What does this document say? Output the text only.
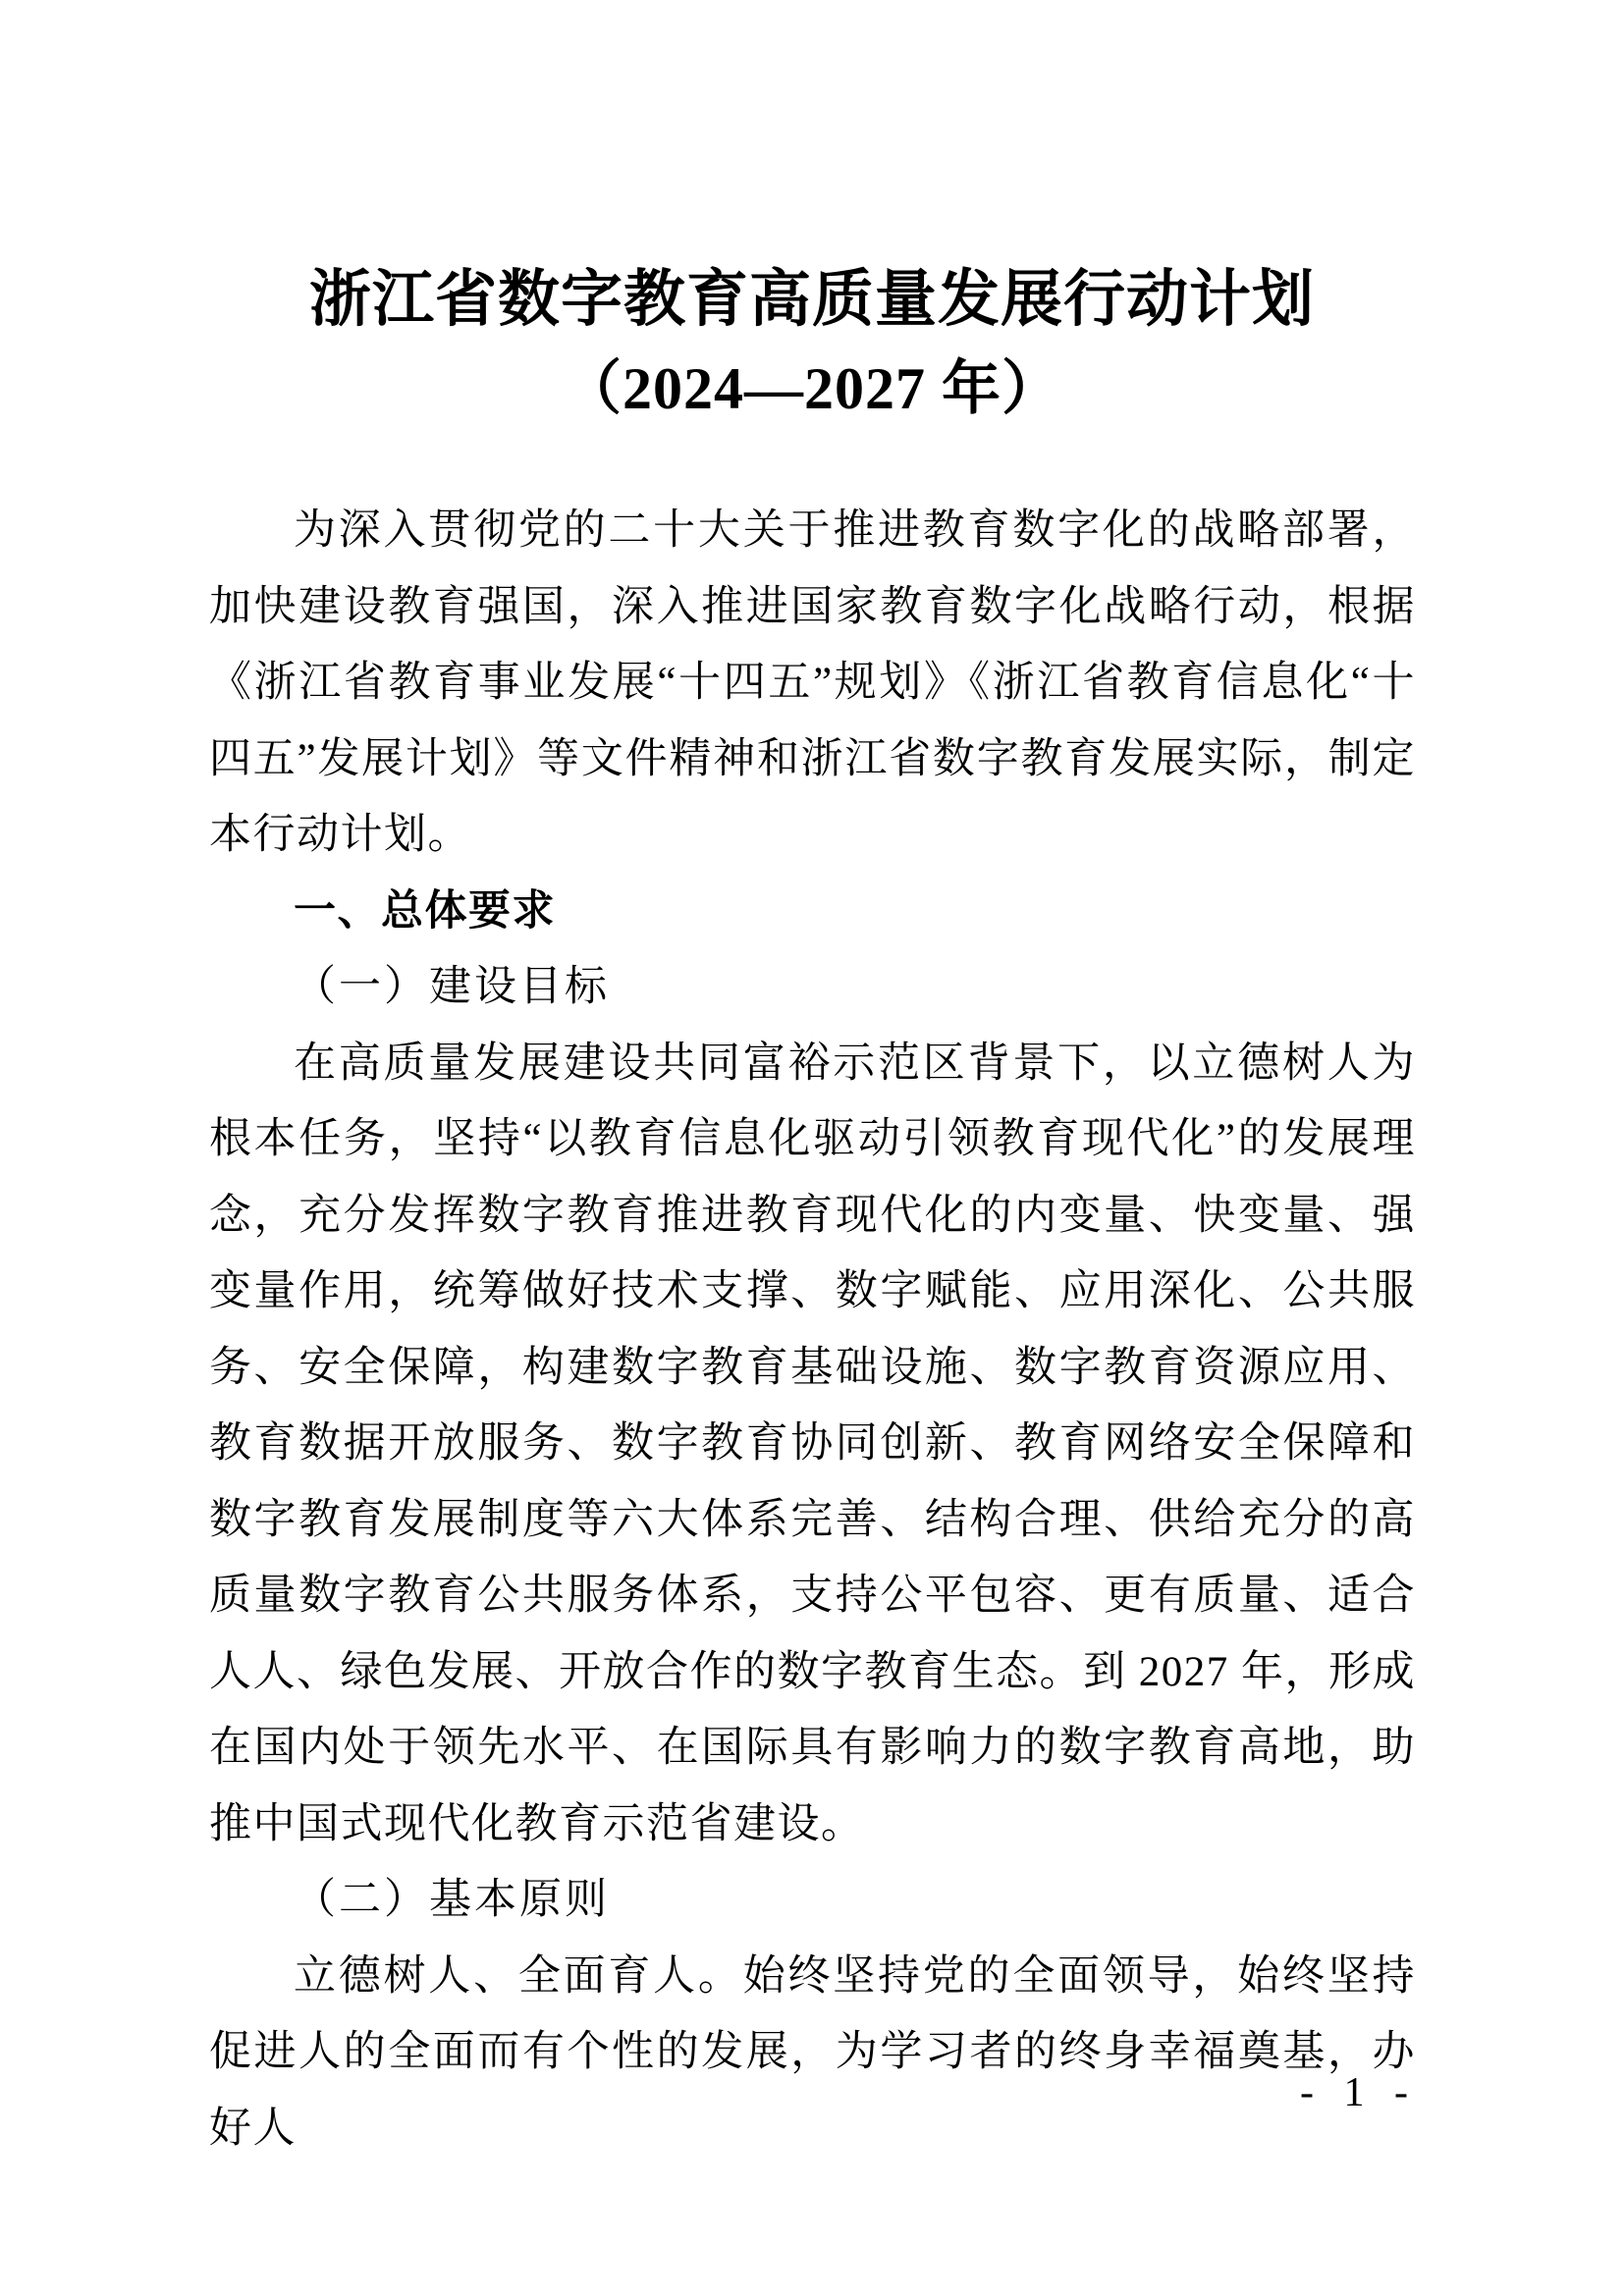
浙江省数字教育高质量发展行动计划
（2024—2027 年）

为深入贯彻党的二十大关于推进教育数字化的战略部署，加快建设教育强国，深入推进国家教育数字化战略行动，根据《浙江省教育事业发展“十四五”规划》《浙江省教育信息化“十四五”发展计划》等文件精神和浙江省数字教育发展实际，制定本行动计划。

一、总体要求

（一）建设目标

在高质量发展建设共同富裕示范区背景下，以立德树人为根本任务，坚持“以教育信息化驱动引领教育现代化”的发展理念，充分发挥数字教育推进教育现代化的内变量、快变量、强变量作用，统筹做好技术支撑、数字赋能、应用深化、公共服务、安全保障，构建数字教育基础设施、数字教育资源应用、教育数据开放服务、数字教育协同创新、教育网络安全保障和数字教育发展制度等六大体系完善、结构合理、供给充分的高质量数字教育公共服务体系，支持公平包容、更有质量、适合人人、绿色发展、开放合作的数字教育生态。到 2027 年，形成在国内处于领先水平、在国际具有影响力的数字教育高地，助推中国式现代化教育示范省建设。

（二）基本原则

立德树人、全面育人。始终坚持党的全面领导，始终坚持促进人的全面而有个性的发展，为学习者的终身幸福奠基，办好人

- 1 -
